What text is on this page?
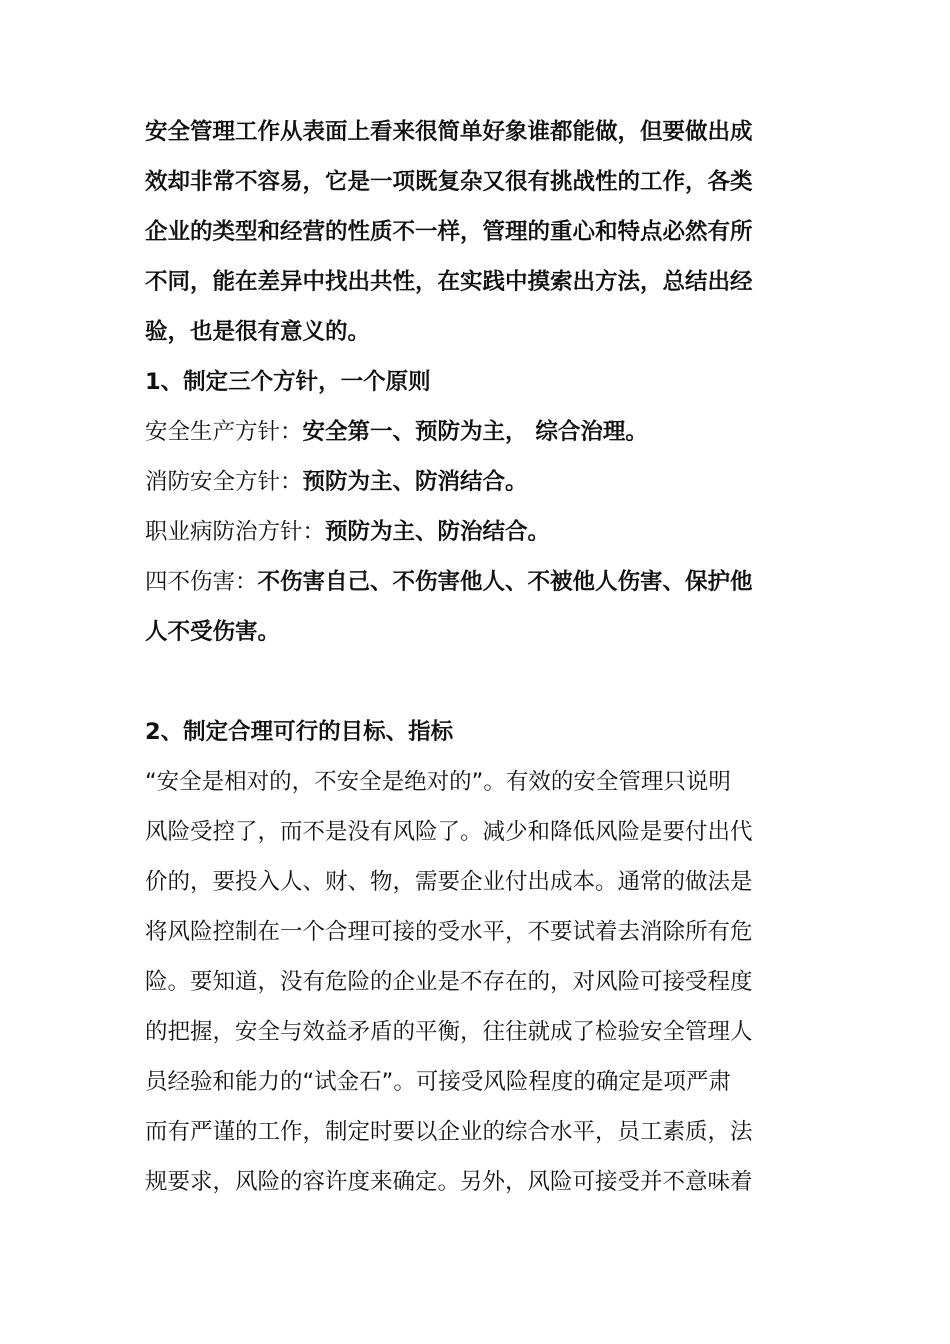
安全管理工作从表面上看来很简单好象谁都能做，但要做出成
效却非常不容易，它是一项既复杂又很有挑战性的工作，各类
企业的类型和经营的性质不一样，管理的重心和特点必然有所
不同，能在差异中找出共性，在实践中摸索出方法，总结出经
验，也是很有意义的。
1、制定三个方针，一个原则
安全生产方针：安全第一、预防为主， 综合治理。
消防安全方针：预防为主、防消结合。
职业病防治方针：预防为主、防治结合。
四不伤害：不伤害自己、不伤害他人、不被他人伤害、保护他
人不受伤害。
2、制定合理可行的目标、指标
“安全是相对的，不安全是绝对的”。有效的安全管理只说明
风险受控了，而不是没有风险了。减少和降低风险是要付出代
价的，要投入人、财、物，需要企业付出成本。通常的做法是
将风险控制在一个合理可接的受水平，不要试着去消除所有危
险。要知道，没有危险的企业是不存在的，对风险可接受程度
的把握，安全与效益矛盾的平衡，往往就成了检验安全管理人
员经验和能力的“试金石”。可接受风险程度的确定是项严肃
而有严谨的工作，制定时要以企业的综合水平，员工素质，法
规要求，风险的容许度来确定。另外，风险可接受并不意味着
